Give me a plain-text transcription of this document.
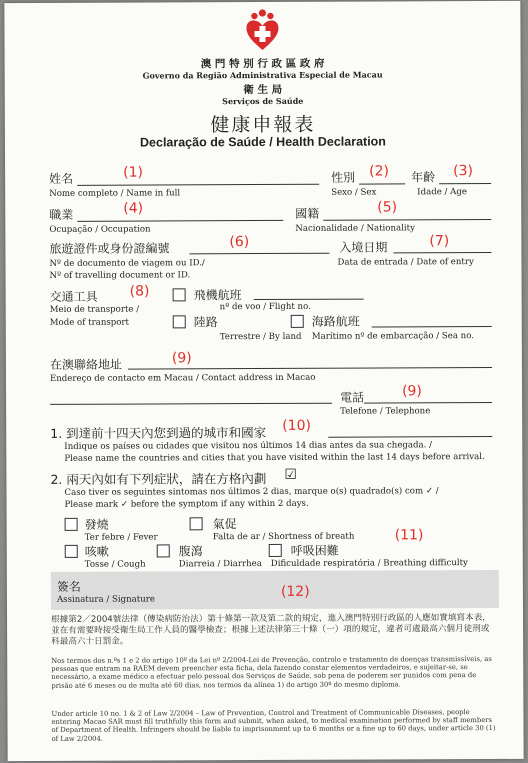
澳 門 特 別 行 政 區 政 府
Governo da Região Administrativa Especial de Macau
衛 生 局
Serviços de Saúde
健康申報表
Declaração de Saúde / Health Declaration
姓名	(1)
Nome completo / Name in full
性別 (2)
Sexo / Sex
年齡 (3)
Idade / Age
職業	(4)
Ocupação / Occupation
國籍	(5)
Nacionalidade / Nationality
旅遊證件或身份證編號	(6)
Nº de documento de viagem ou ID./
Nº of travelling document or ID.
入境日期	(7)
Data de entrada / Date of entry
交通工具 (8)
Meio de transporte /
Mode of transport
飛機航班
nº de voo / Flight no.
陸路
Terrestre / By land
海路航班
Marítimo nº de embarcação / Sea no.
在澳聯絡地址	(9)
Endereço de contacto em Macau / Contact address in Macao
電話	(9)
Telefone / Telephone
1. 到達前十四天內您到過的城市和國家 (10)
Indique os países ou cidades que visitou nos últimos 14 dias antes da sua chegada. /
Please name the countries and cities that you have visited within the last 14 days before arrival.
2. 兩天內如有下列症狀，請在方格內劃 ☑
Caso tiver os seguintes sintomas nos últimos 2 dias, marque o(s) quadrado(s) com ✓ /
Please mark ✓ before the symptom if any within 2 days.
發燒
Ter febre / Fever
氣促
Falta de ar / Shortness of breath	(11)
咳嗽
Tosse / Cough
腹瀉
Diarreia / Diarrhea
呼吸困難
Dificuldade respiratória / Breathing difficulty
簽名
Assinatura / Signature	(12)
根據第2／2004號法律（傳染病防治法）第十條第一款及第二款的規定，進入澳門特別行政區的人應如實填寫本表，並在有需要時接受衛生局工作人員的醫學檢查；根據上述法律第三十條（一）項的規定，違者可處最高六個月徒刑或科最高六十日罰金。
Nos termos dos n.ºs 1 e 2 do artigo 10º da Lei nº 2/2004-Lei de Prevenção, controlo e tratamento de doenças transmissíveis, as pessoas que entram na RAEM devem preencher esta ficha, dela fazendo constar elementos verdadeiros, e sujeitar-se, se necessário, a exame médico a efectuar pelo pessoal dos Serviços de Saúde, sob pena de poderem ser punidos com pena de prisão até 6 meses ou de multa até 60 dias, nos termos da alínea 1) do artigo 30º do mesmo diploma.
Under article 10 no. 1 & 2 of Law 2/2004 – Law of Prevention, Control and Treatment of Communicable Diseases, people entering Macao SAR must fill truthfully this form and submit, when asked, to medical examination performed by staff members of Department of Health. Infringers should be liable to imprisonment up to 6 months or a fine up to 60 days, under article 30 (1) of Law 2/2004.
